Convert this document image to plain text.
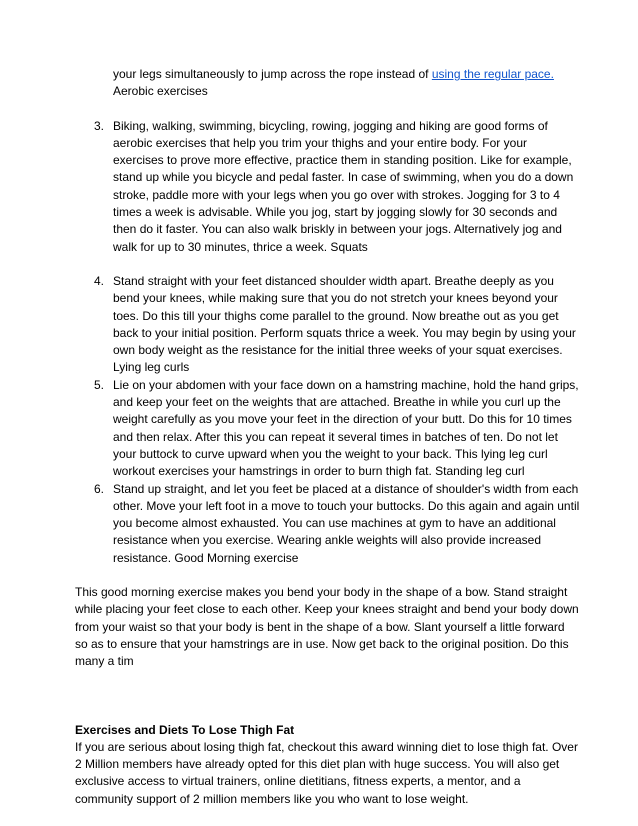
your legs simultaneously to jump across the rope instead of using the regular pace.

Aerobic exercises

3. Biking, walking, swimming, bicycling, rowing, jogging and hiking are good forms of aerobic exercises that help you trim your thighs and your entire body. For your exercises to prove more effective, practice them in standing position. Like for example, stand up while you bicycle and pedal faster. In case of swimming, when you do a down stroke, paddle more with your legs when you go over with strokes. Jogging for 3 to 4 times a week is advisable. While you jog, start by jogging slowly for 30 seconds and then do it faster. You can also walk briskly in between your jogs. Alternatively jog and walk for up to 30 minutes, thrice a week. Squats

4. Stand straight with your feet distanced shoulder width apart. Breathe deeply as you bend your knees, while making sure that you do not stretch your knees beyond your toes. Do this till your thighs come parallel to the ground. Now breathe out as you get back to your initial position. Perform squats thrice a week. You may begin by using your own body weight as the resistance for the initial three weeks of your squat exercises. Lying leg curls

5. Lie on your abdomen with your face down on a hamstring machine, hold the hand grips, and keep your feet on the weights that are attached. Breathe in while you curl up the weight carefully as you move your feet in the direction of your butt. Do this for 10 times and then relax. After this you can repeat it several times in batches of ten. Do not let your buttock to curve upward when you the weight to your back. This lying leg curl workout exercises your hamstrings in order to burn thigh fat. Standing leg curl

6. Stand up straight, and let you feet be placed at a distance of shoulder's width from each other. Move your left foot in a move to touch your buttocks. Do this again and again until you become almost exhausted. You can use machines at gym to have an additional resistance when you exercise. Wearing ankle weights will also provide increased resistance. Good Morning exercise

This good morning exercise makes you bend your body in the shape of a bow. Stand straight while placing your feet close to each other. Keep your knees straight and bend your body down from your waist so that your body is bent in the shape of a bow. Slant yourself a little forward so as to ensure that your hamstrings are in use. Now get back to the original position. Do this many a tim

Exercises and Diets To Lose Thigh Fat

If you are serious about losing thigh fat, checkout this award winning diet to lose thigh fat. Over 2 Million members have already opted for this diet plan with huge success. You will also get exclusive access to virtual trainers, online dietitians, fitness experts, a mentor, and a community support of 2 million members like you who want to lose weight.
